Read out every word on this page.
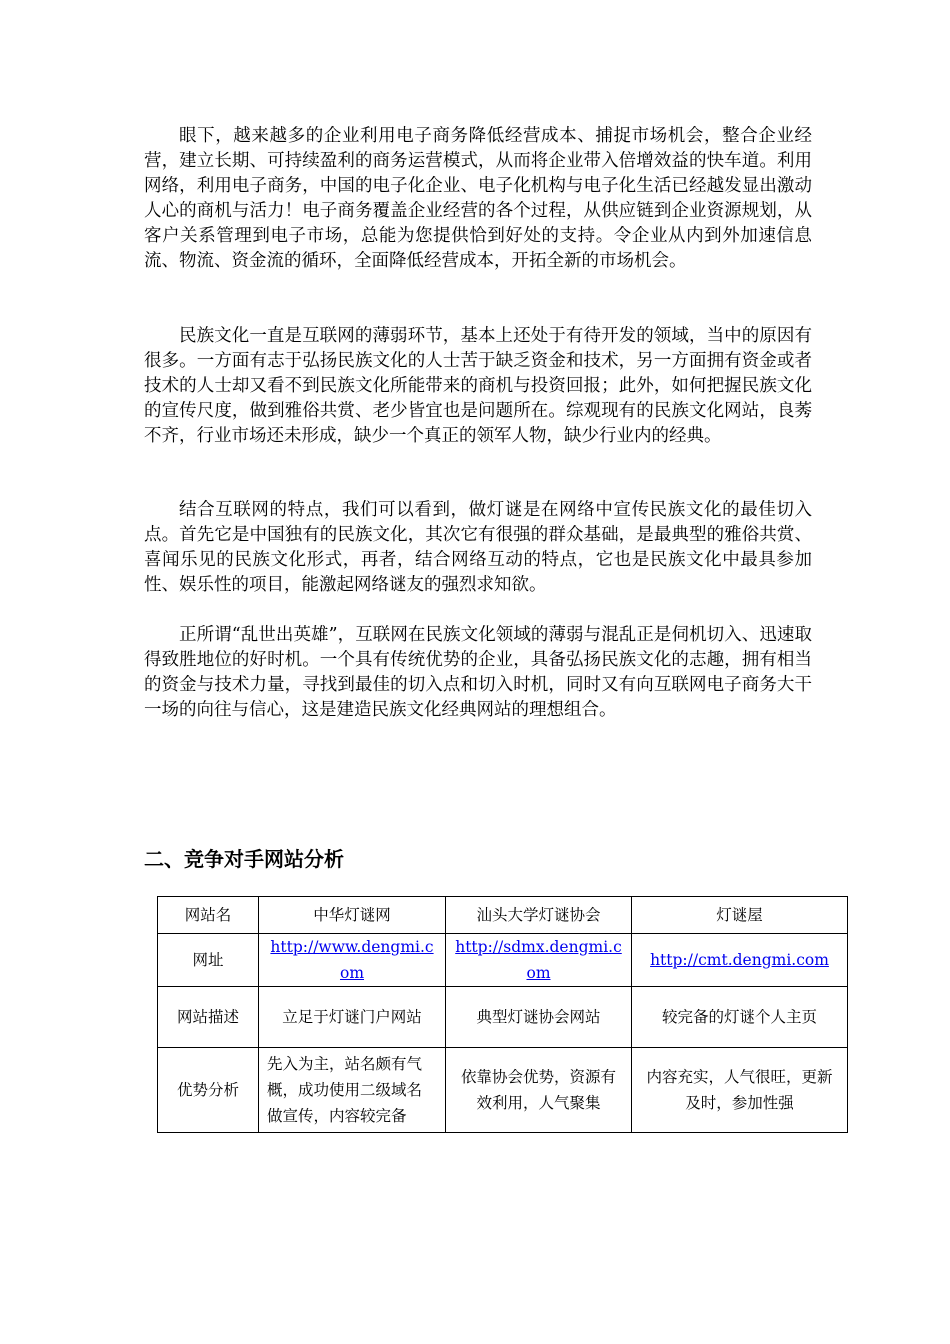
眼下，越来越多的企业利用电子商务降低经营成本、捕捉市场机会，整合企业经营，建立长期、可持续盈利的商务运营模式，从而将企业带入倍增效益的快车道。利用网络，利用电子商务，中国的电子化企业、电子化机构与电子化生活已经越发显出激动人心的商机与活力！电子商务覆盖企业经营的各个过程，从供应链到企业资源规划，从客户关系管理到电子市场，总能为您提供恰到好处的支持。令企业从内到外加速信息流、物流、资金流的循环，全面降低经营成本，开拓全新的市场机会。

民族文化一直是互联网的薄弱环节，基本上还处于有待开发的领域，当中的原因有很多。一方面有志于弘扬民族文化的人士苦于缺乏资金和技术，另一方面拥有资金或者技术的人士却又看不到民族文化所能带来的商机与投资回报；此外，如何把握民族文化的宣传尺度，做到雅俗共赏、老少皆宜也是问题所在。综观现有的民族文化网站，良莠不齐，行业市场还未形成，缺少一个真正的领军人物，缺少行业内的经典。

结合互联网的特点，我们可以看到，做灯谜是在网络中宣传民族文化的最佳切入点。首先它是中国独有的民族文化，其次它有很强的群众基础，是最典型的雅俗共赏、喜闻乐见的民族文化形式，再者，结合网络互动的特点，它也是民族文化中最具参加性、娱乐性的项目，能激起网络谜友的强烈求知欲。

正所谓“乱世出英雄”，互联网在民族文化领域的薄弱与混乱正是伺机切入、迅速取得致胜地位的好时机。一个具有传统优势的企业，具备弘扬民族文化的志趣，拥有相当的资金与技术力量，寻找到最佳的切入点和切入时机，同时又有向互联网电子商务大干一场的向往与信心，这是建造民族文化经典网站的理想组合。

二、竞争对手网站分析
网站名	中华灯谜网	汕头大学灯谜协会	灯谜屋
网址	http://www.dengmi.com	http://sdmx.dengmi.com	http://cmt.dengmi.com
网站描述	立足于灯谜门户网站	典型灯谜协会网站	较完备的灯谜个人主页
优势分析	先入为主，站名颇有气概，成功使用二级域名做宣传，内容较完备	依靠协会优势，资源有效利用，人气聚集	内容充实，人气很旺，更新及时，参加性强
